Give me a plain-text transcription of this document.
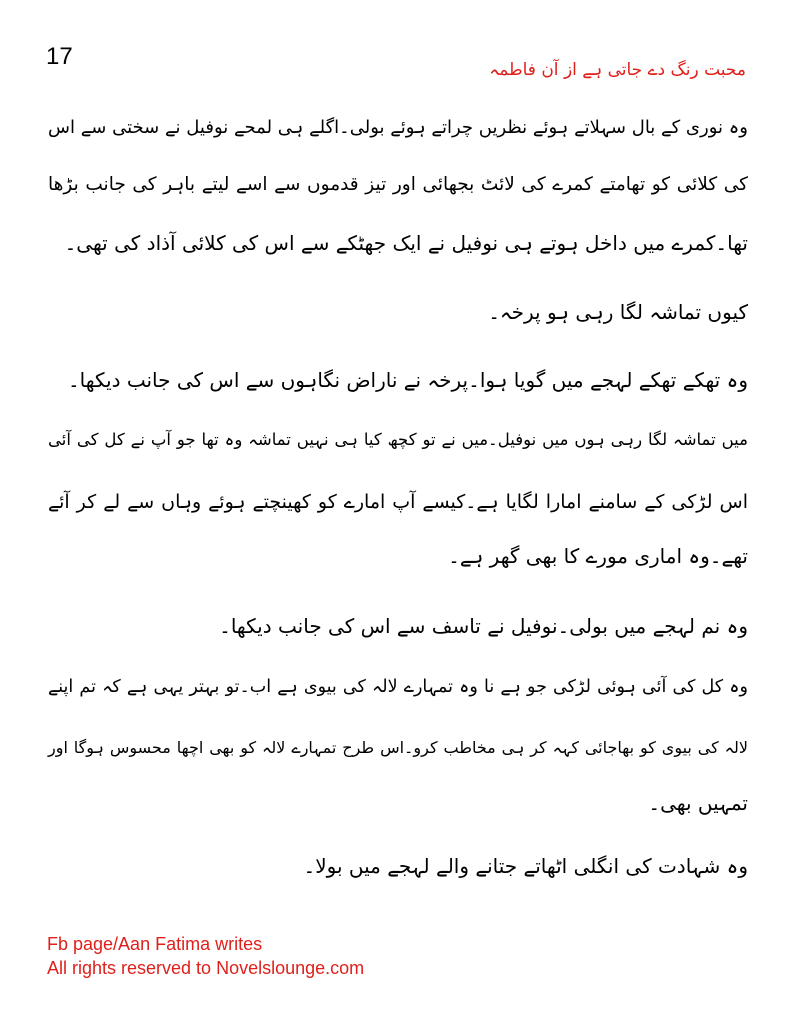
17	محبت رنگ دے جاتی ہے از آن فاطمہ
وہ نوری کے بال سہلاتے ہوئے نظریں چراتے ہوئے بولی۔اگلے ہی لمحے نوفیل نے سختی سے اس
کی کلائی کو تھامتے کمرے کی لائٹ بجھائی اور تیز قدموں سے اسے لیتے باہر کی جانب بڑھا
تھا۔کمرے میں داخل ہوتے ہی نوفیل نے ایک جھٹکے سے اس کی کلائی آذاد کی تھی۔
کیوں تماشہ لگا رہی ہو پرخہ۔
وہ تھکے تھکے لہجے میں گویا ہوا۔پرخہ نے ناراض نگاہوں سے اس کی جانب دیکھا۔
میں تماشہ لگا رہی ہوں میں نوفیل۔میں نے تو کچھ کیا ہی نہیں تماشہ وہ تھا جو آپ نے کل کی آئی
اس لڑکی کے سامنے امارا لگایا ہے۔کیسے آپ امارے کو کھینچتے ہوئے وہاں سے لے کر آئے
تھے۔وہ اماری مورے کا بھی گھر ہے۔
وہ نم لہجے میں بولی۔نوفیل نے تاسف سے اس کی جانب دیکھا۔
وہ کل کی آئی ہوئی لڑکی جو ہے نا وہ تمہارے لالہ کی بیوی ہے اب۔تو بہتر یہی ہے کہ تم اپنے
لالہ کی بیوی کو بھاجائی کہہ کر ہی مخاطب کرو۔اس طرح تمہارے لالہ کو بھی اچھا محسوس ہوگا اور
تمہیں بھی۔
وہ شہادت کی انگلی اٹھاتے جتانے والے لہجے میں بولا۔
Fb page/Aan Fatima writes
All rights reserved to Novelslounge.com
